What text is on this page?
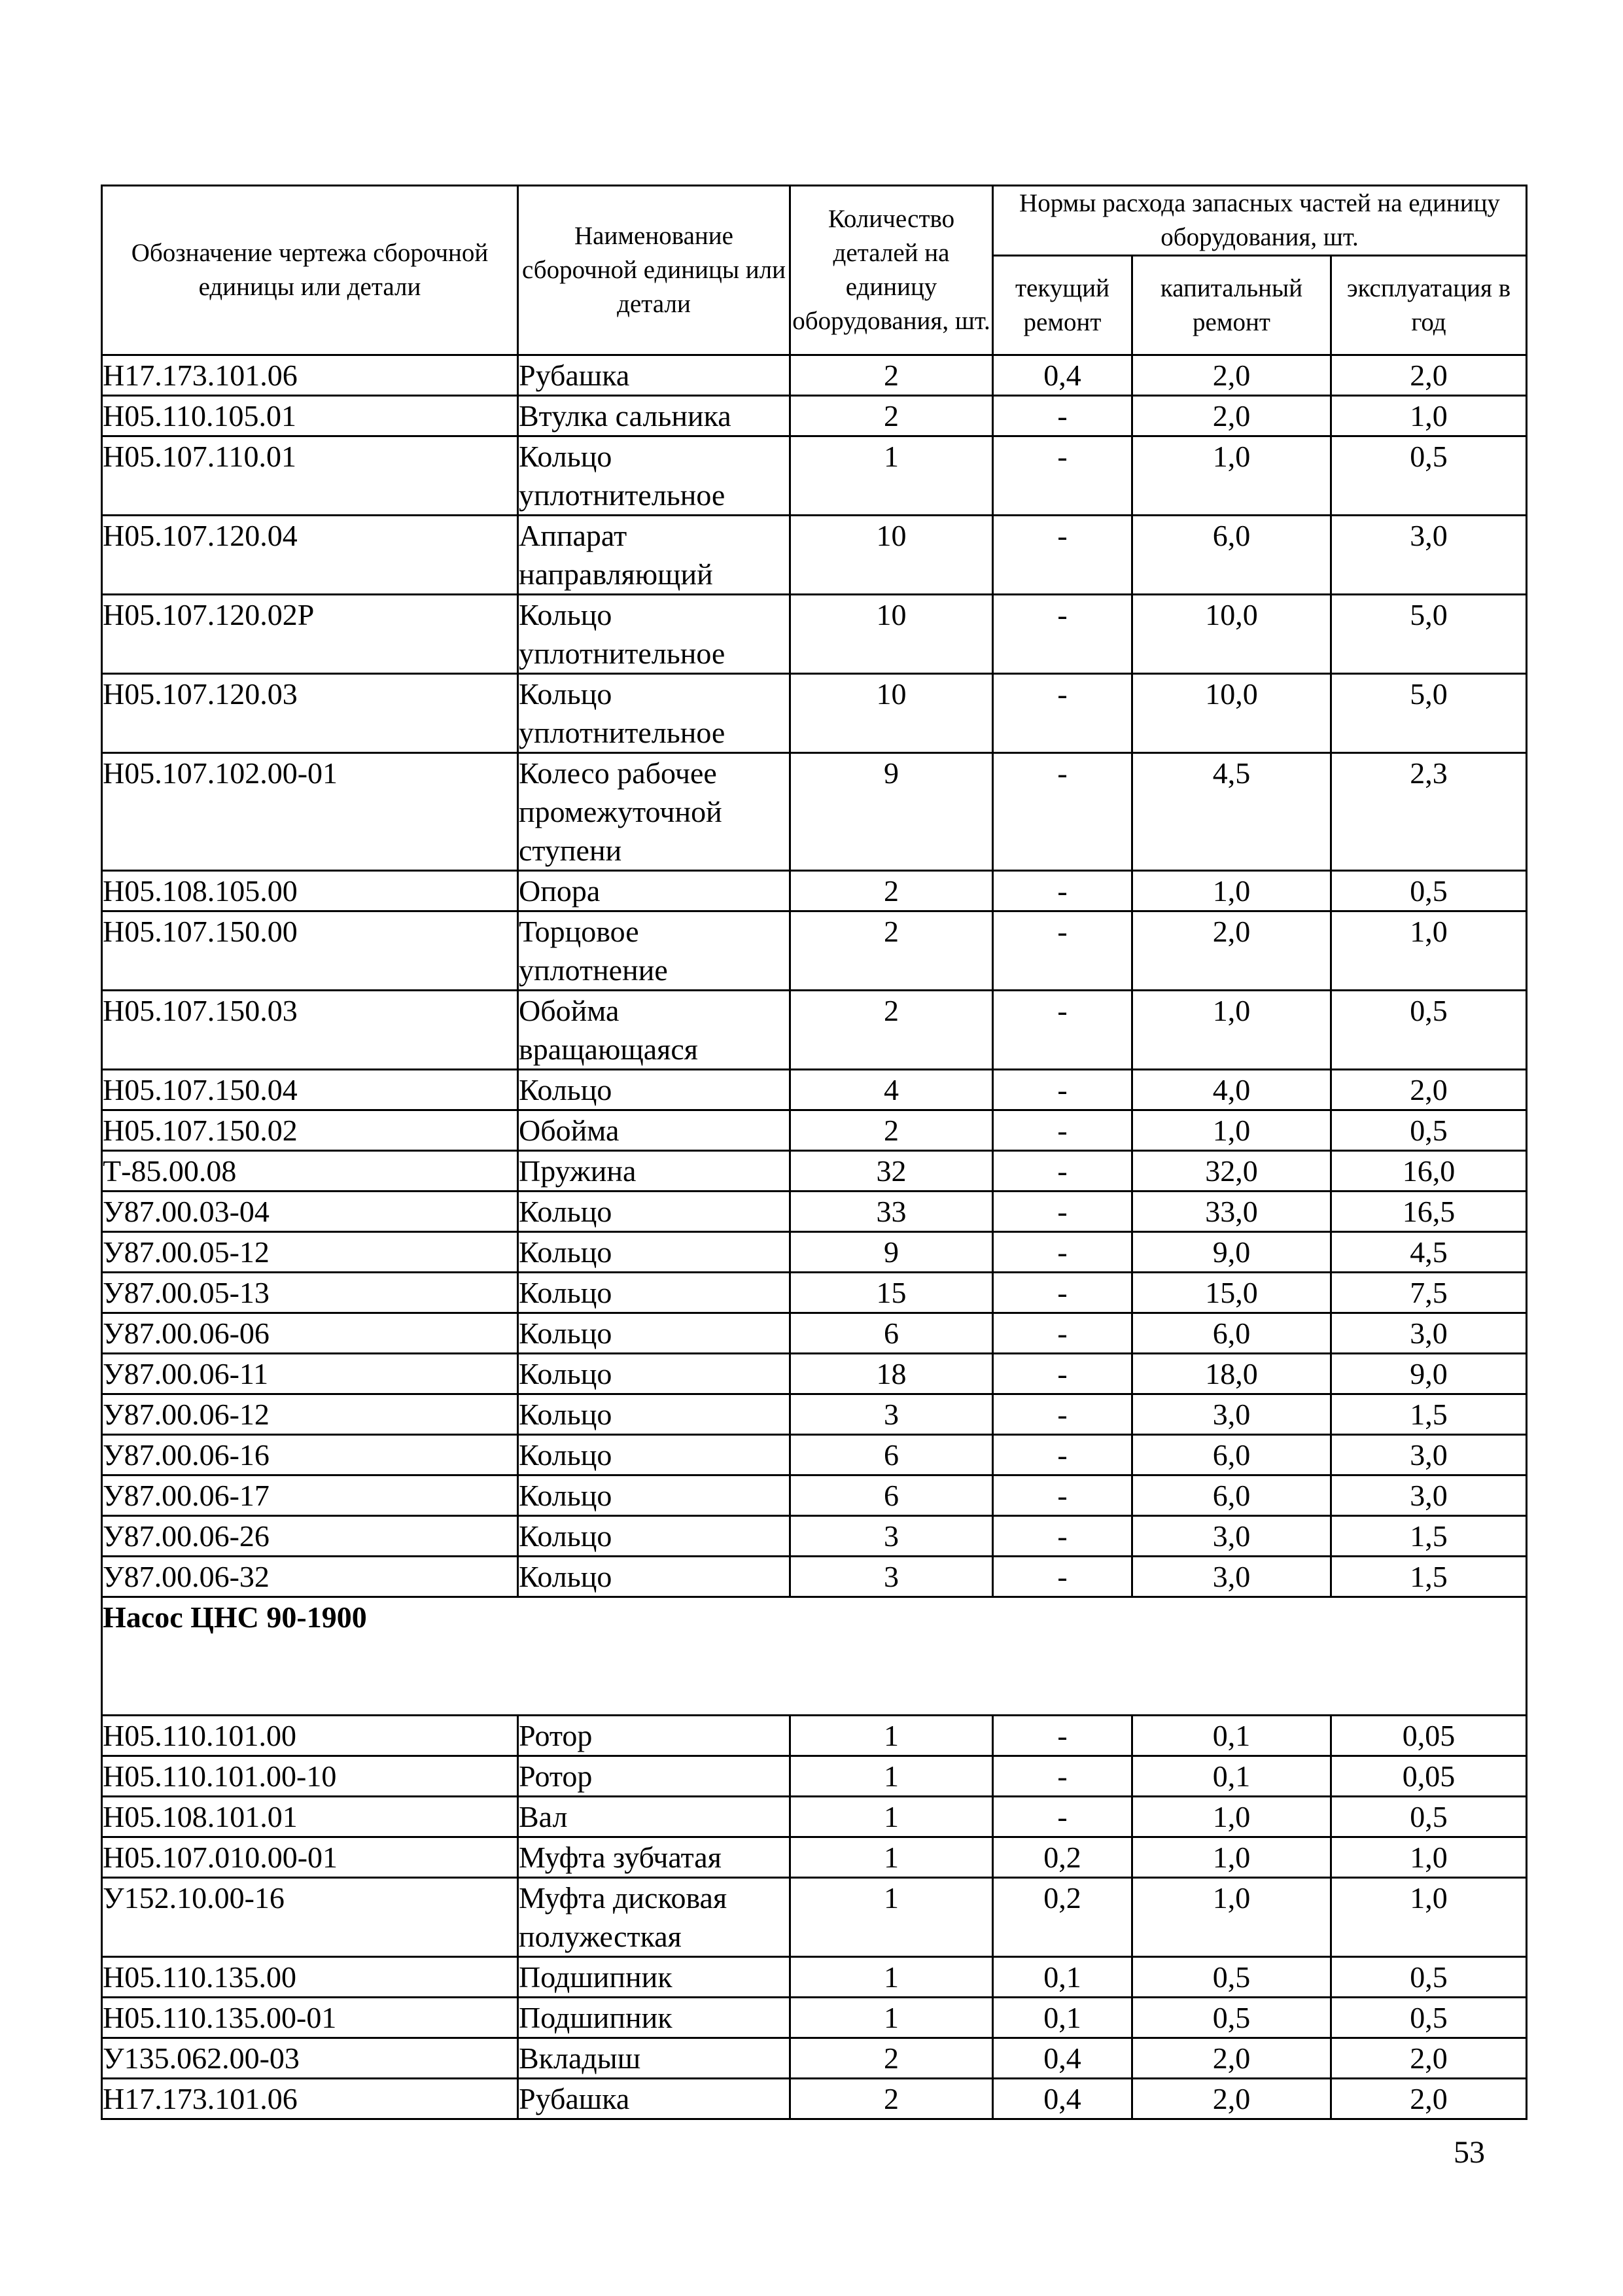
Обозначение чертежа сборочной единицы или детали	Наименование сборочной единицы или детали	Количество деталей на единицу оборудования, шт.	Нормы расхода запасных частей на единицу оборудования, шт.		
			текущий ремонт	капитальный ремонт	эксплуатация в год
Н17.173.101.06	Рубашка	2	0,4	2,0	2,0
Н05.110.105.01	Втулка сальника	2	-	2,0	1,0
Н05.107.110.01	Кольцо уплотнительное	1	-	1,0	0,5
Н05.107.120.04	Аппарат направляющий	10	-	6,0	3,0
Н05.107.120.02Р	Кольцо уплотнительное	10	-	10,0	5,0
Н05.107.120.03	Кольцо уплотнительное	10	-	10,0	5,0
Н05.107.102.00-01	Колесо рабочее промежуточной ступени	9	-	4,5	2,3
Н05.108.105.00	Опора	2	-	1,0	0,5
Н05.107.150.00	Торцовое уплотнение	2	-	2,0	1,0
Н05.107.150.03	Обойма вращающаяся	2	-	1,0	0,5
Н05.107.150.04	Кольцо	4	-	4,0	2,0
Н05.107.150.02	Обойма	2	-	1,0	0,5
Т-85.00.08	Пружина	32	-	32,0	16,0
У87.00.03-04	Кольцо	33	-	33,0	16,5
У87.00.05-12	Кольцо	9	-	9,0	4,5
У87.00.05-13	Кольцо	15	-	15,0	7,5
У87.00.06-06	Кольцо	6	-	6,0	3,0
У87.00.06-11	Кольцо	18	-	18,0	9,0
У87.00.06-12	Кольцо	3	-	3,0	1,5
У87.00.06-16	Кольцо	6	-	6,0	3,0
У87.00.06-17	Кольцо	6	-	6,0	3,0
У87.00.06-26	Кольцо	3	-	3,0	1,5
У87.00.06-32	Кольцо	3	-	3,0	1,5
Насос ЦНС 90-1900					
Н05.110.101.00	Ротор	1	-	0,1	0,05
Н05.110.101.00-10	Ротор	1	-	0,1	0,05
Н05.108.101.01	Вал	1	-	1,0	0,5
Н05.107.010.00-01	Муфта зубчатая	1	0,2	1,0	1,0
У152.10.00-16	Муфта дисковая полужесткая	1	0,2	1,0	1,0
Н05.110.135.00	Подшипник	1	0,1	0,5	0,5
Н05.110.135.00-01	Подшипник	1	0,1	0,5	0,5
У135.062.00-03	Вкладыш	2	0,4	2,0	2,0
Н17.173.101.06	Рубашка	2	0,4	2,0	2,0
53
